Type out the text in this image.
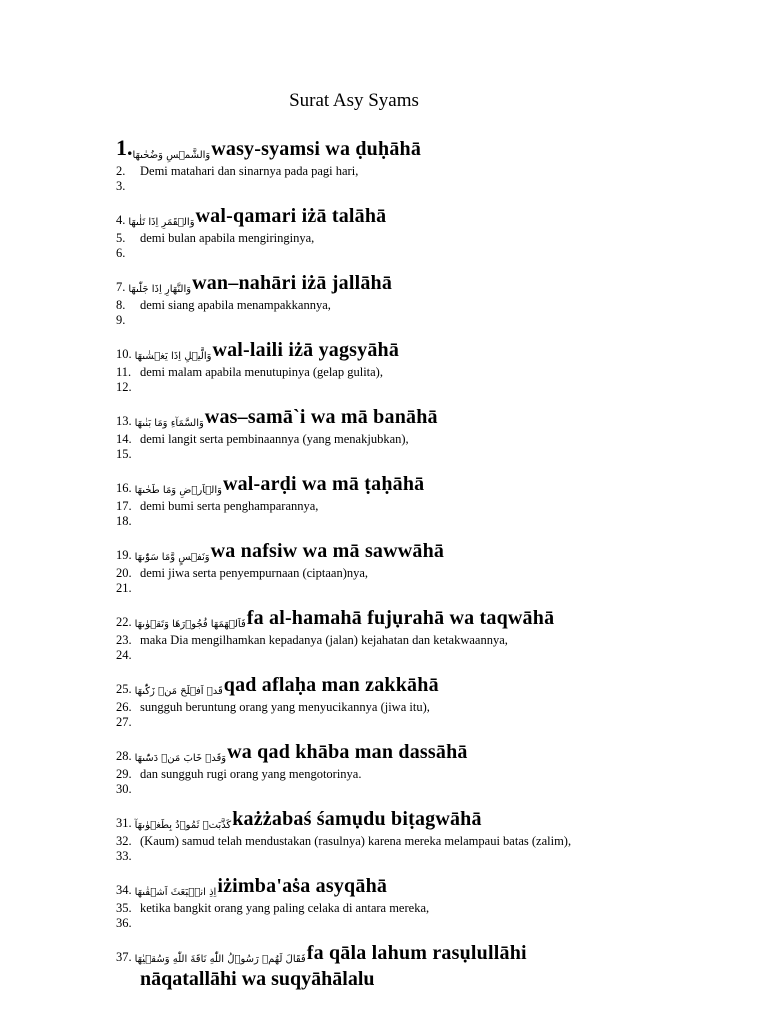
Surat Asy Syams
1. وَالشَّمۡسِ وَضُحٰٮهَا wasy-syamsi wa ḍuḥāhā
2. Demi matahari dan sinarnya pada pagi hari,
3.
4. وَالۡقَمَرِ اِذَا تَلٰٮهَا wal-qamari iżā talāhā
5. demi bulan apabila mengiringinya,
6.
7. وَالنَّهَارِ اِذَا جَلّٰٮهَا wan–nahāri iżā jallāhā
8. demi siang apabila menampakkannya,
9.
10. وَالَّيۡلِ اِذَا يَغۡشٰٮهَا wal-laili iżā yagsyāhā
11. demi malam apabila menutupinya (gelap gulita),
12.
13. وَالسَّمَآءِ وَمَا بَنٰٮهَا was–samā`i wa mā banāhā
14. demi langit serta pembinaannya (yang menakjubkan),
15.
16. وَالۡاَرۡضِ وَمَا طَحٰٮهَا wal-arḍi wa mā ṭaḥāhā
17. demi bumi serta penghamparannya,
18.
19. وَنَفۡسٍ وَّمَا سَوّٰٮهَا wa nafsiw wa mā sawwāhā
20. demi jiwa serta penyempurnaan (ciptaan)nya,
21.
22. فَاَلۡهَمَهَا فُجُوۡرَهَا وَتَقۡوٰٮهَا fa al-hamahā fujụrahā wa taqwāhā
23. maka Dia mengilhamkan kepadanya (jalan) kejahatan dan ketakwaannya,
24.
25. قَدۡ اَفۡلَحَ مَنۡ زَكّٰٮهَا qad aflaḥa man zakkāhā
26. sungguh beruntung orang yang menyucikannya (jiwa itu),
27.
28. وَقَدۡ خَابَ مَنۡ دَسّٰٮهَا wa qad khāba man dassāhā
29. dan sungguh rugi orang yang mengotorinya.
30.
31. كَذَّبَتۡ ثَمُوۡدُ بِطَغۡوٰٮهَآ każżabaś śamụdu biṭagwāhā
32. (Kaum) samud telah mendustakan (rasulnya) karena mereka melampaui batas (zalim),
33.
34. اِذِ انۡۢبَعَثَ اَشۡقٰٮهَا iżimba'aṡa asyqāhā
35. ketika bangkit orang yang paling celaka di antara mereka,
36.
37. فَقَالَ لَهُمۡ رَسُوۡلُ اللّٰهِ نَاقَةَ اللّٰهِ وَسُقۡيٰهَا fa qāla lahum rasụlullāhi
nāqatallāhi wa suqyāhālalu
